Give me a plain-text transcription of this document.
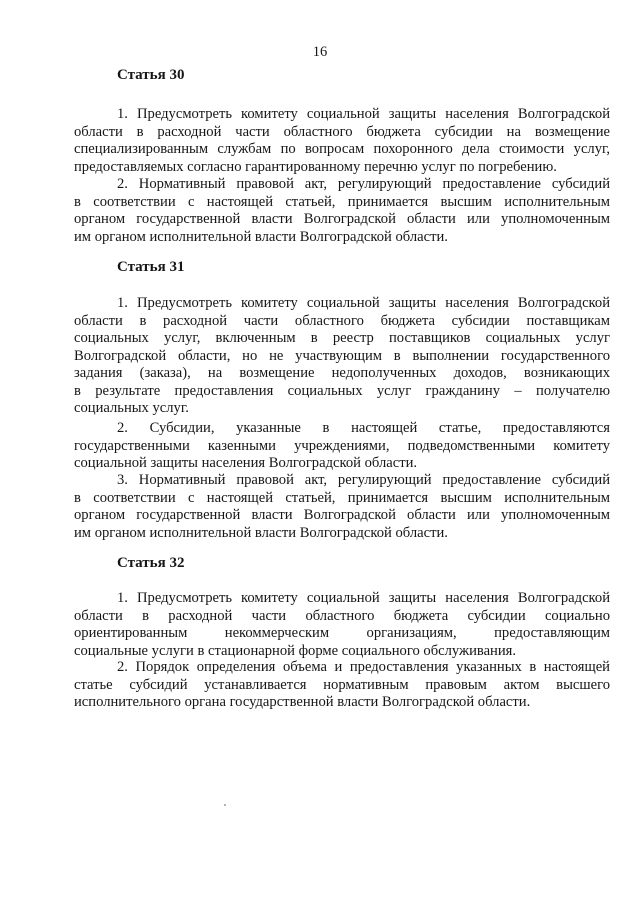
16
Статья 30
1. Предусмотреть комитету социальной защиты населения Волгоградской
области в расходной части областного бюджета субсидии на возмещение
специализированным службам по вопросам похоронного дела стоимости услуг,
предоставляемых согласно гарантированному перечню услуг по погребению.
2. Нормативный правовой акт, регулирующий предоставление субсидий
в соответствии с настоящей статьей, принимается высшим исполнительным
органом государственной власти Волгоградской области или уполномоченным
им органом исполнительной власти Волгоградской области.
Статья 31
1. Предусмотреть комитету социальной защиты населения Волгоградской
области в расходной части областного бюджета субсидии поставщикам
социальных услуг, включенным в реестр поставщиков социальных услуг
Волгоградской области, но не участвующим в выполнении государственного
задания (заказа), на возмещение недополученных доходов, возникающих
в результате предоставления социальных услуг гражданину – получателю
социальных услуг.
2. Субсидии, указанные в настоящей статье, предоставляются
государственными казенными учреждениями, подведомственными комитету
социальной защиты населения Волгоградской области.
3. Нормативный правовой акт, регулирующий предоставление субсидий
в соответствии с настоящей статьей, принимается высшим исполнительным
органом государственной власти Волгоградской области или уполномоченным
им органом исполнительной власти Волгоградской области.
Статья 32
1. Предусмотреть комитету социальной защиты населения Волгоградской
области в расходной части областного бюджета субсидии социально
ориентированным некоммерческим организациям, предоставляющим
социальные услуги в стационарной форме социального обслуживания.
2. Порядок определения объема и предоставления указанных в настоящей
статье субсидий устанавливается нормативным правовым актом высшего
исполнительного органа государственной власти Волгоградской области.
